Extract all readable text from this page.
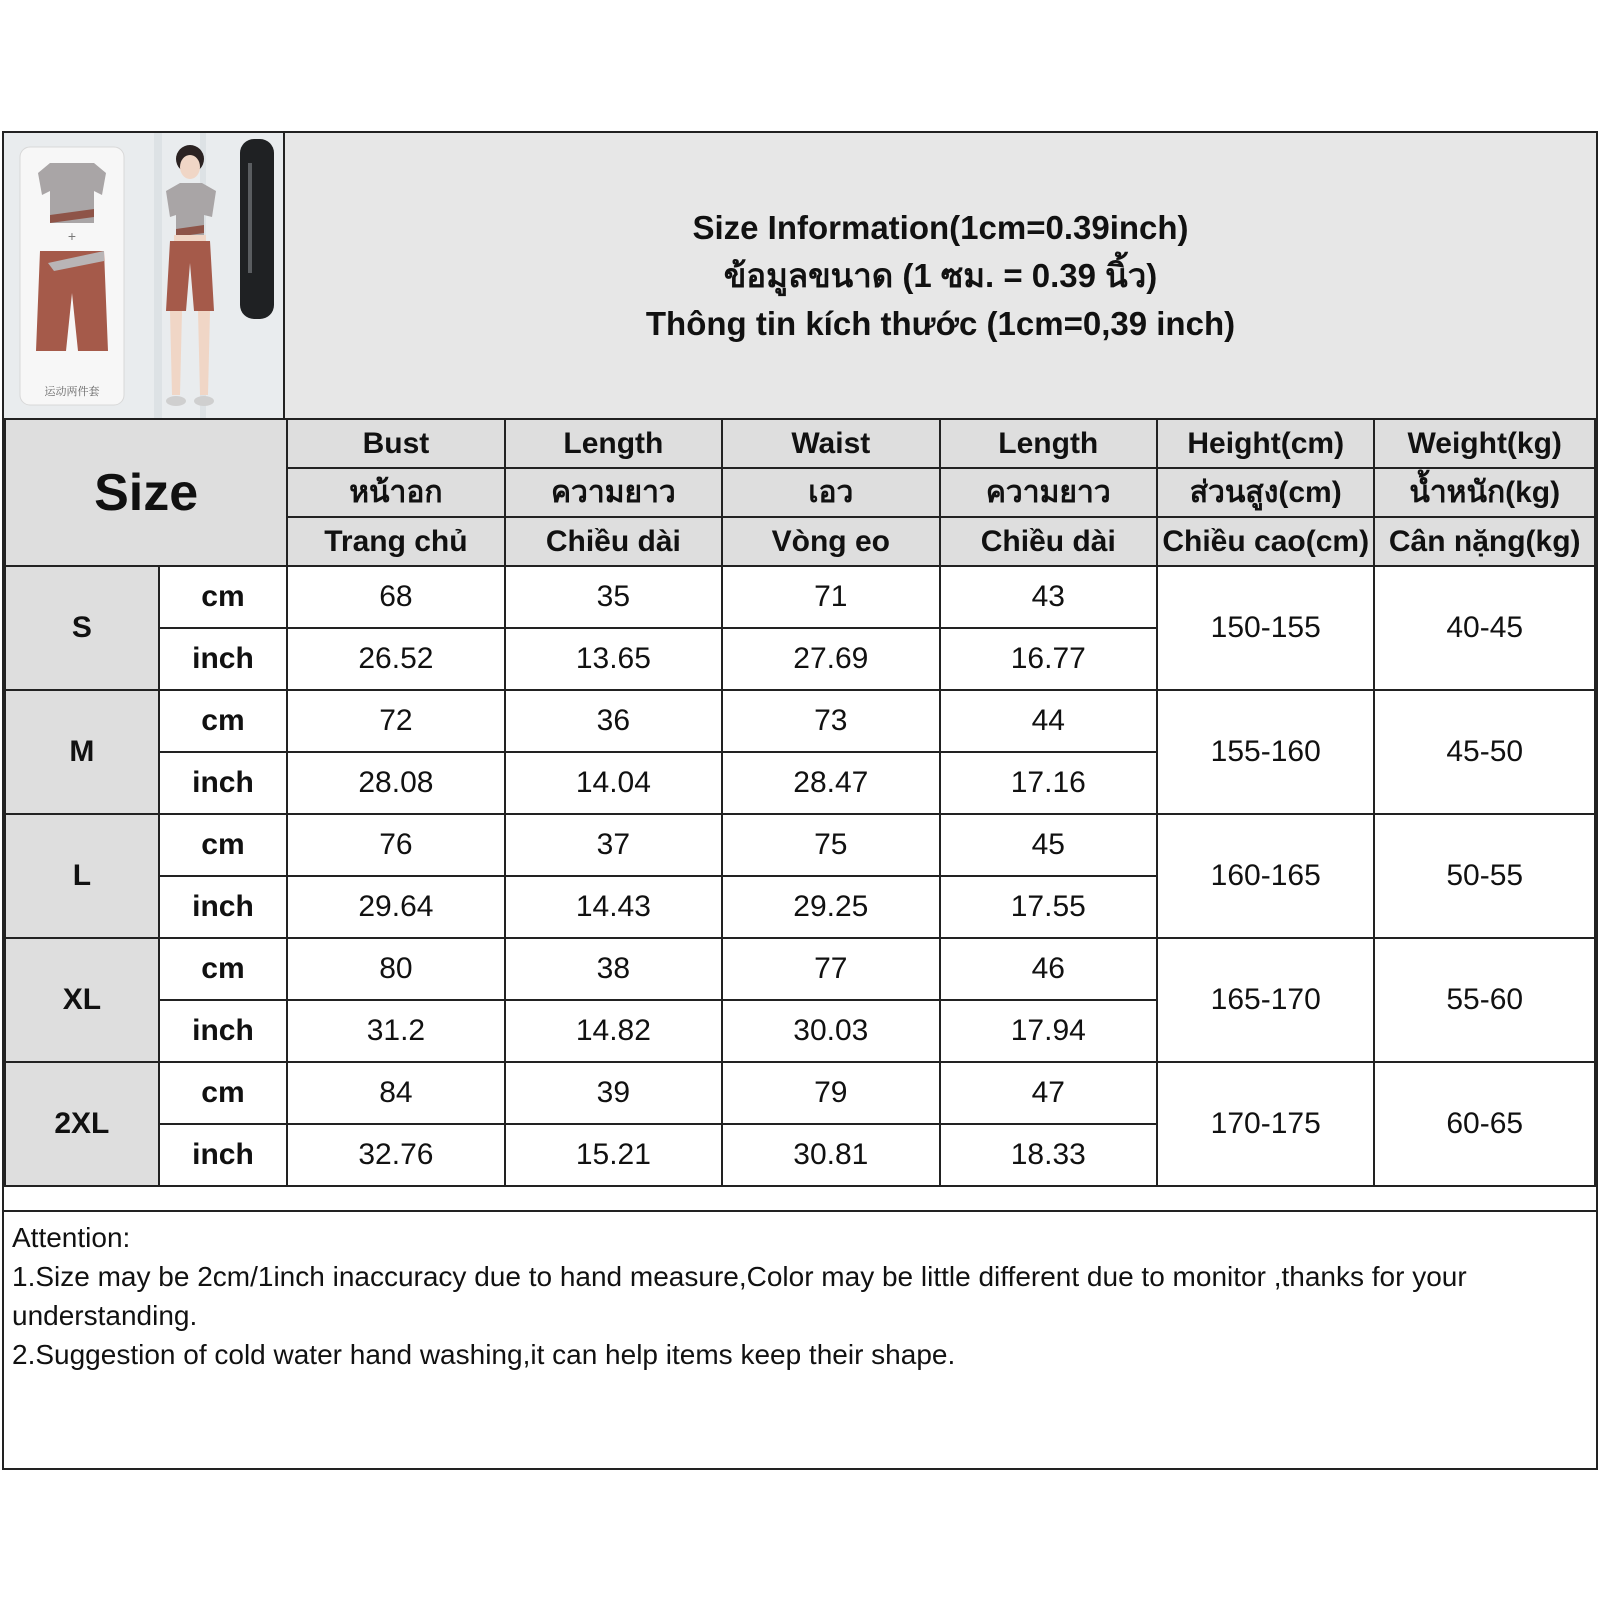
+
运动两件套
Size Information(1cm=0.39inch)
ข้อมูลขนาด (1 ซม. = 0.39 นิ้ว)
Thông tin kích thước (1cm=0,39 inch)
Size		Bust	Length	Waist	Length	Height(cm)	Weight(kg)
		หน้าอก	ความยาว	เอว	ความยาว	ส่วนสูง(cm)	น้ำหนัก(kg)
		Trang chủ	Chiều dài	Vòng eo	Chiều dài	Chiều cao(cm)	Cân nặng(kg)
S	cm	68	35	71	43	150-155	40-45
	inch	26.52	13.65	27.69	16.77		
M	cm	72	36	73	44	155-160	45-50
	inch	28.08	14.04	28.47	17.16		
L	cm	76	37	75	45	160-165	50-55
	inch	29.64	14.43	29.25	17.55		
XL	cm	80	38	77	46	165-170	55-60
	inch	31.2	14.82	30.03	17.94		
2XL	cm	84	39	79	47	170-175	60-65
	inch	32.76	15.21	30.81	18.33		
Attention:
1.Size may be 2cm/1inch inaccuracy due to hand measure,Color may be little different due to monitor ,thanks for your understanding.
2.Suggestion of cold water hand washing,it can help items keep their shape.
